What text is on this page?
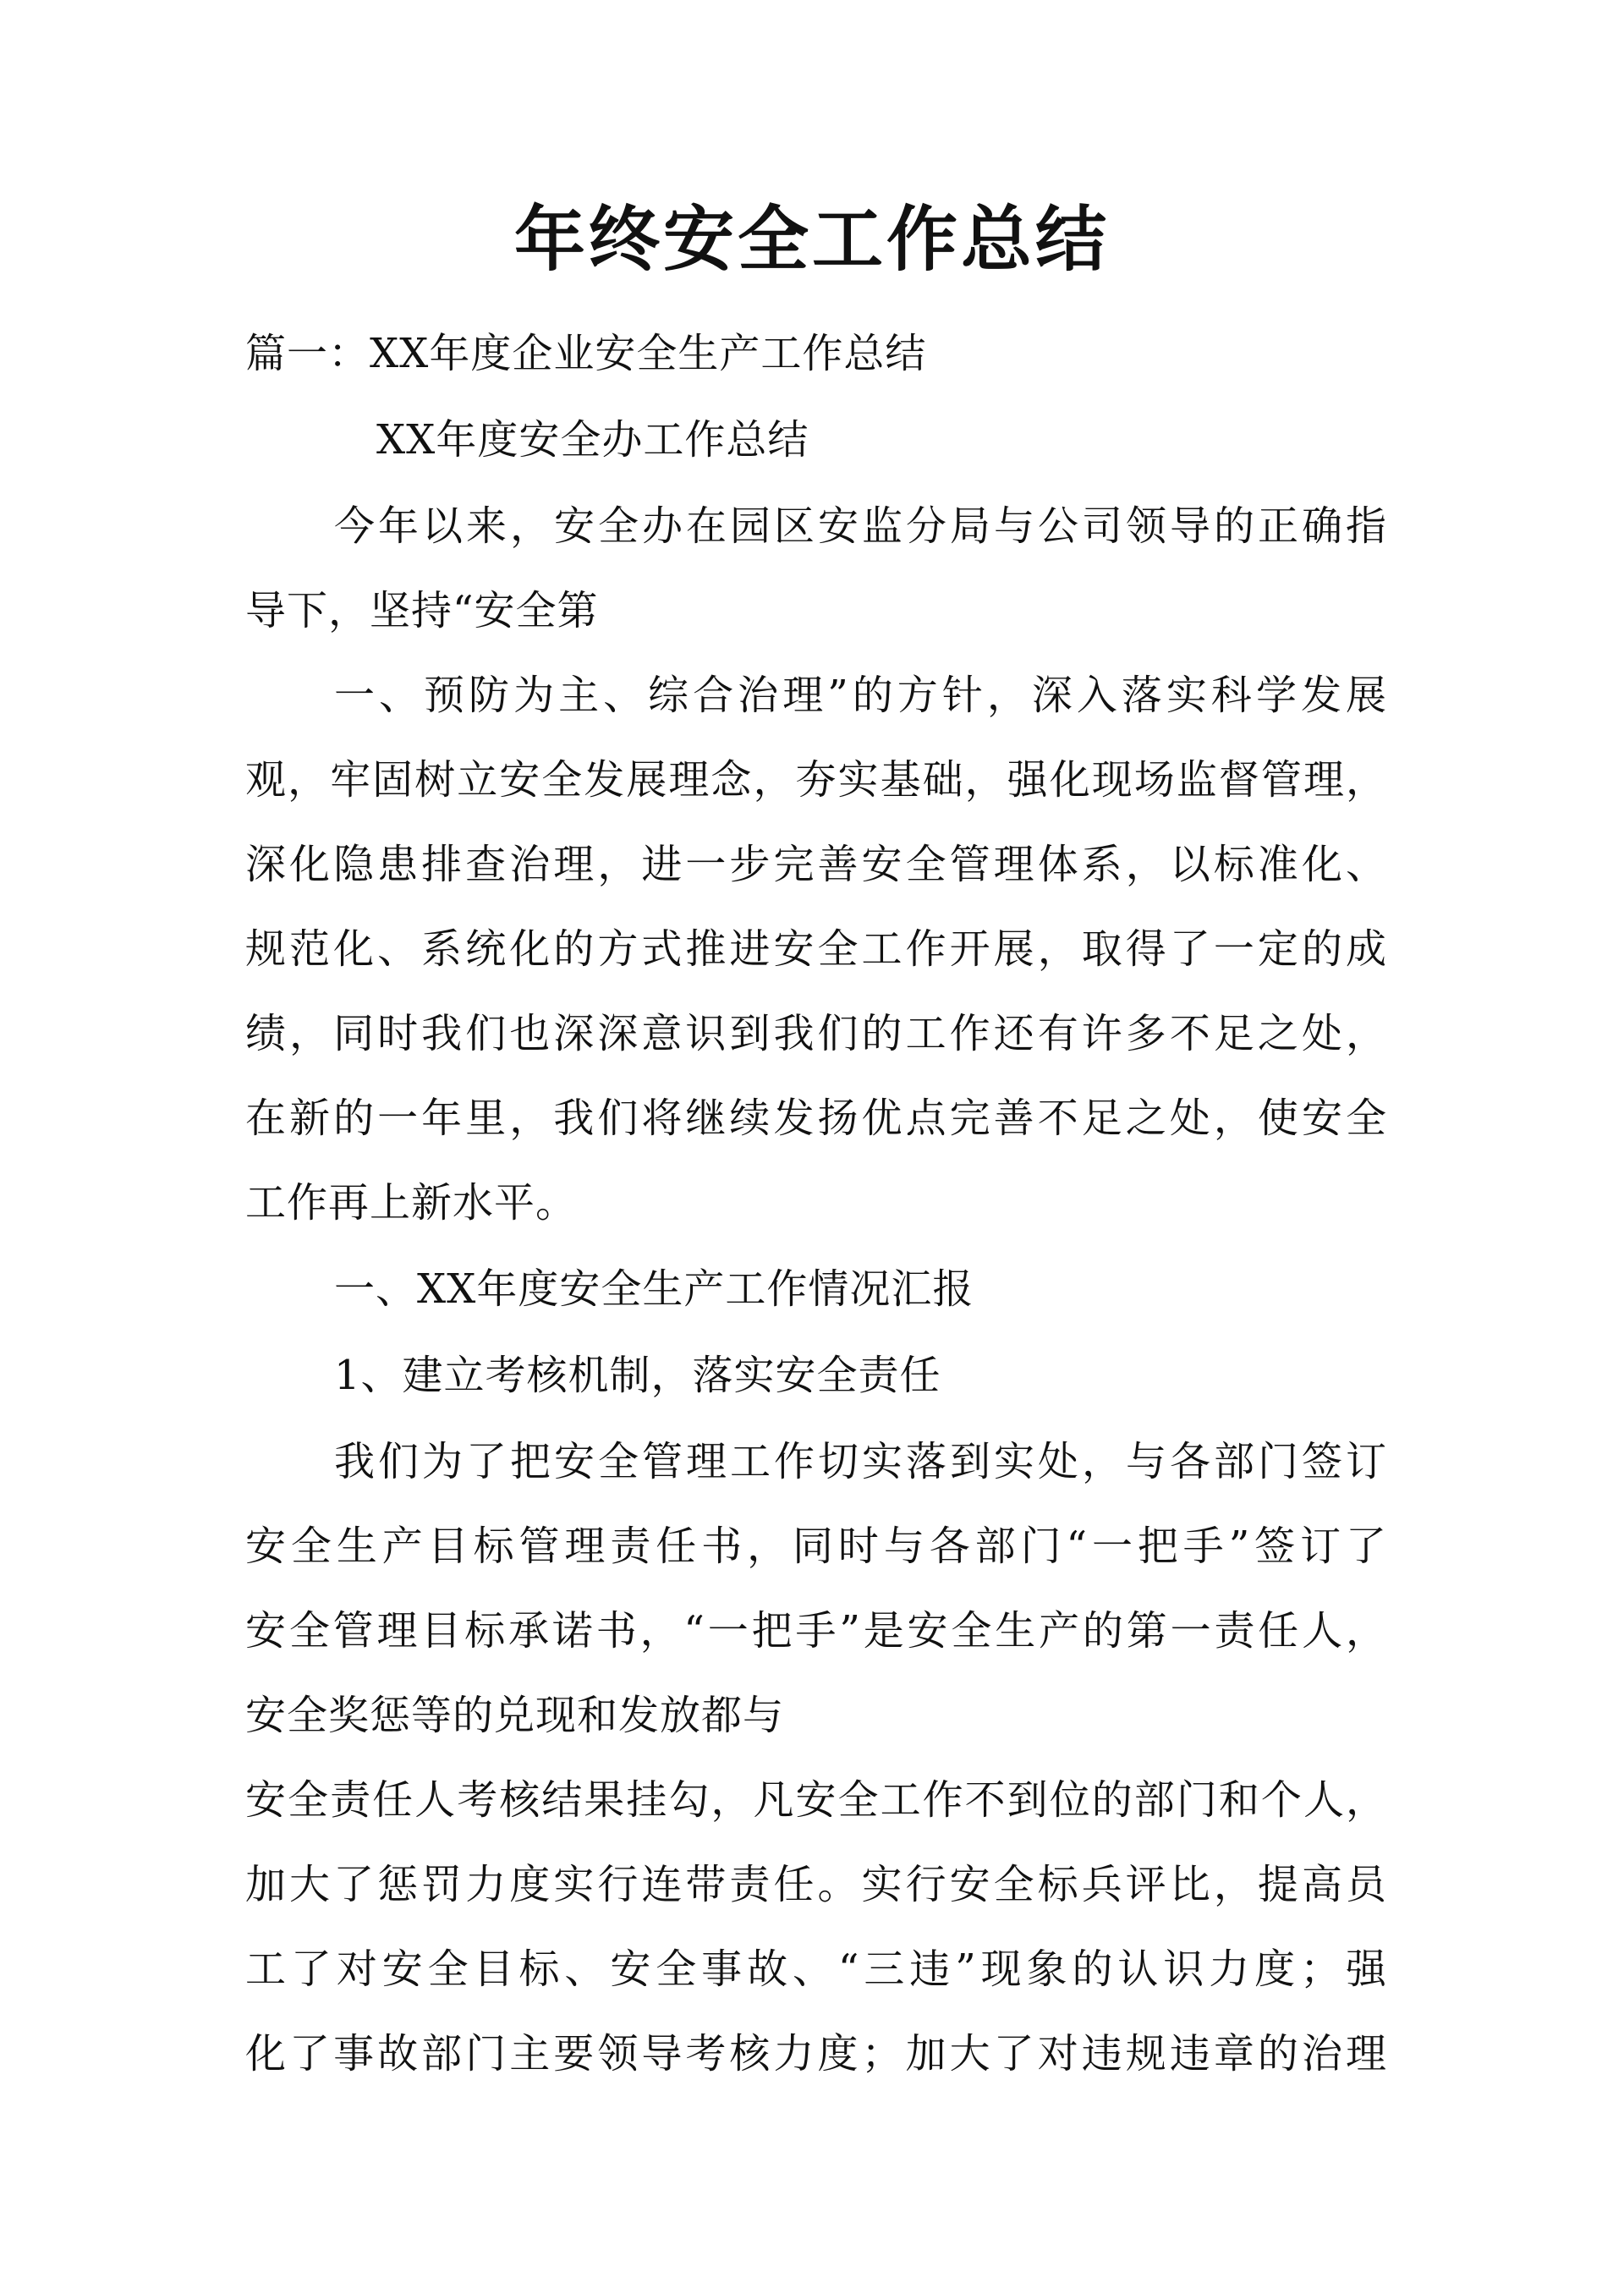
年终安全工作总结
篇一：XX年度企业安全生产工作总结
XX年度安全办工作总结
今年以来，安全办在园区安监分局与公司领导的正确指
导下，坚持“安全第
一、预防为主、综合治理”的方针，深入落实科学发展
观，牢固树立安全发展理念，夯实基础，强化现场监督管理，
深化隐患排查治理，进一步完善安全管理体系，以标准化、
规范化、系统化的方式推进安全工作开展，取得了一定的成
绩，同时我们也深深意识到我们的工作还有许多不足之处，
在新的一年里，我们将继续发扬优点完善不足之处，使安全
工作再上新水平。
一、XX年度安全生产工作情况汇报
1、建立考核机制，落实安全责任
我们为了把安全管理工作切实落到实处，与各部门签订
安全生产目标管理责任书，同时与各部门“一把手”签订了
安全管理目标承诺书，“一把手”是安全生产的第一责任人，
安全奖惩等的兑现和发放都与
安全责任人考核结果挂勾，凡安全工作不到位的部门和个人，
加大了惩罚力度实行连带责任。实行安全标兵评比，提高员
工了对安全目标、安全事故、“三违”现象的认识力度；强
化了事故部门主要领导考核力度；加大了对违规违章的治理
